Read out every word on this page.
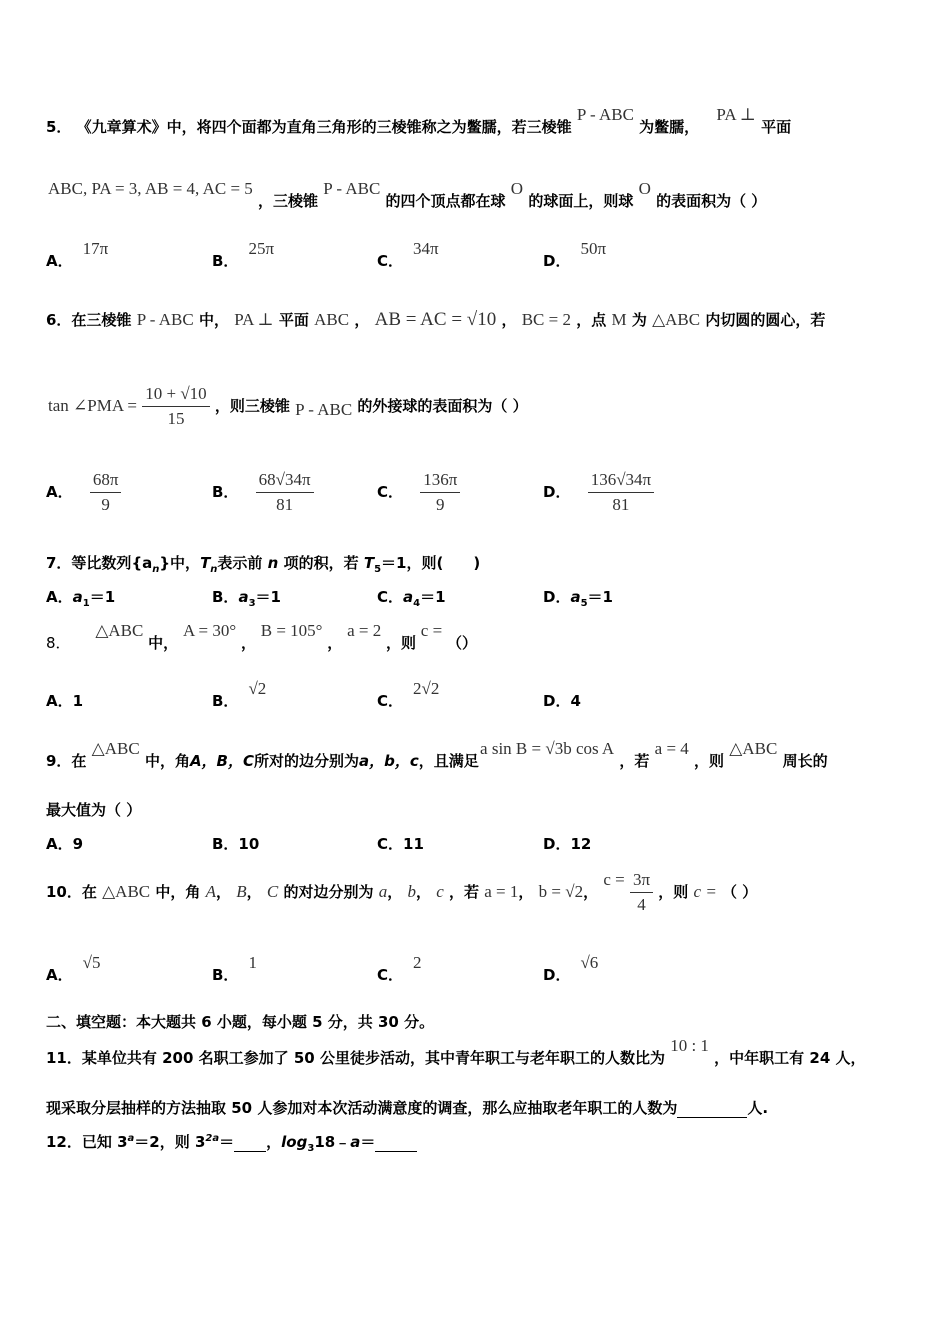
5． 《九章算术》中，将四个面都为直角三角形的三棱锥称之为鳖臑，若三棱锥 P - ABC 为鳖臑， PA ⊥ 平面
ABC, PA = 3, AB = 4, AC = 5 ，三棱锥 P - ABC 的四个顶点都在球 O 的球面上，则球 O 的表面积为（ ）
A．17π
B．25π
C．34π
D．50π
6．在三棱锥 P - ABC 中， PA ⊥ 平面 ABC ， AB = AC = √10 ， BC = 2 ，点 M 为 △ABC 内切圆的圆心，若
tan ∠PMA = $\frac{10 + √10}{15}$ ，则三棱锥 P - ABC 的外接球的表面积为（ ）
A． $\frac{68\pi}{9}$	B． $\frac{68√34\pi}{81}$	C． $\frac{136\pi}{9}$	D． $\frac{136√34\pi}{81}$
7．等比数列$\{a_n\}$中，$T_n$表示前 n 项的积，若 $T_5=1$，则(　　)
A．$a_1=1$	B．$a_3=1$	C．$a_4=1$	D．$a_5=1$
8． △ABC 中， A = 30° ， B = 105° ， a = 2 ，则 c = （）
A．1	B．√2
C．2√2
D．4
9．在 △ABC 中，角A，B，C所对的边分别为a，b，c，且满足 a sin B = √3b cos A ，若 a = 4 ，则 △ABC 周长的
最大值为（ ）
A．9	B．10	C．11	D．12
10．在 △ABC 中，角 A， B， C 的对边分别为 a， b， c ，若 a = 1， b = √2， $c = \frac{3\pi}{4}$ ，则 c = （ ）
A．√5
B．1
C．2
D．√6
二、填空题：本大题共 6 小题，每小题 5 分，共 30 分。
11．某单位共有 200 名职工参加了 50 公里徒步活动，其中青年职工与老年职工的人数比为 10 : 1 ，中年职工有 24 人，
现采取分层抽样的方法抽取 50 人参加对本次活动满意度的调查，那么应抽取老年职工的人数为	人.
12．已知 $3^a=2$，则 $3^{2a}=$ ，$\log_318﹣a=$
